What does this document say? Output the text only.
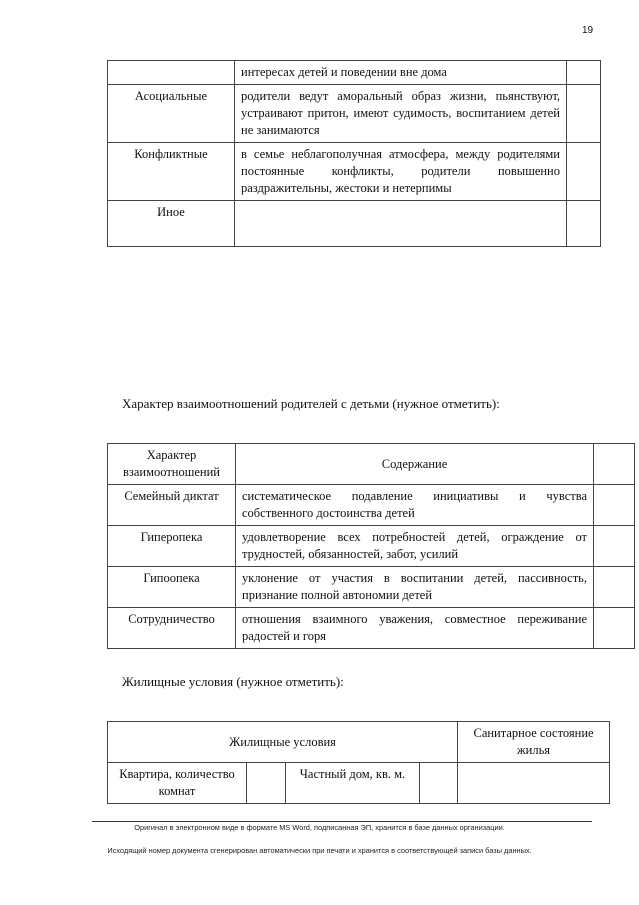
19
	интересах детей и поведении вне дома	
Асоциальные	родители ведут аморальный образ жизни, пьянствуют, устраивают притон, имеют судимость, воспитанием детей не занимаются	
Конфликтные	в семье неблагополучная атмосфера, между родителями постоянные конфликты, родители повышенно раздражительны, жестоки и нетерпимы	
Иное		
Характер взаимоотношений родителей с детьми (нужное отметить):
Характер взаимоотношений	Содержание	
Семейный диктат	систематическое подавление инициативы и чувства собственного достоинства детей	
Гиперопека	удовлетворение всех потребностей детей, ограждение от трудностей, обязанностей, забот, усилий	
Гипоопека	уклонение от участия в воспитании детей, пассивность, признание полной автономии детей	
Сотрудничество	отношения взаимного уважения, совместное переживание радостей и горя	
Жилищные условия (нужное отметить):
Жилищные условия				Санитарное состояние жилья
Квартира, количество комнат		Частный дом, кв. м.		
Оригинал в электронном виде в формате MS Word, подписанная ЭП, хранится в базе данных организации.
Исходящий номер документа сгенерирован автоматически при печати и хранится в соответствующей записи базы данных.
